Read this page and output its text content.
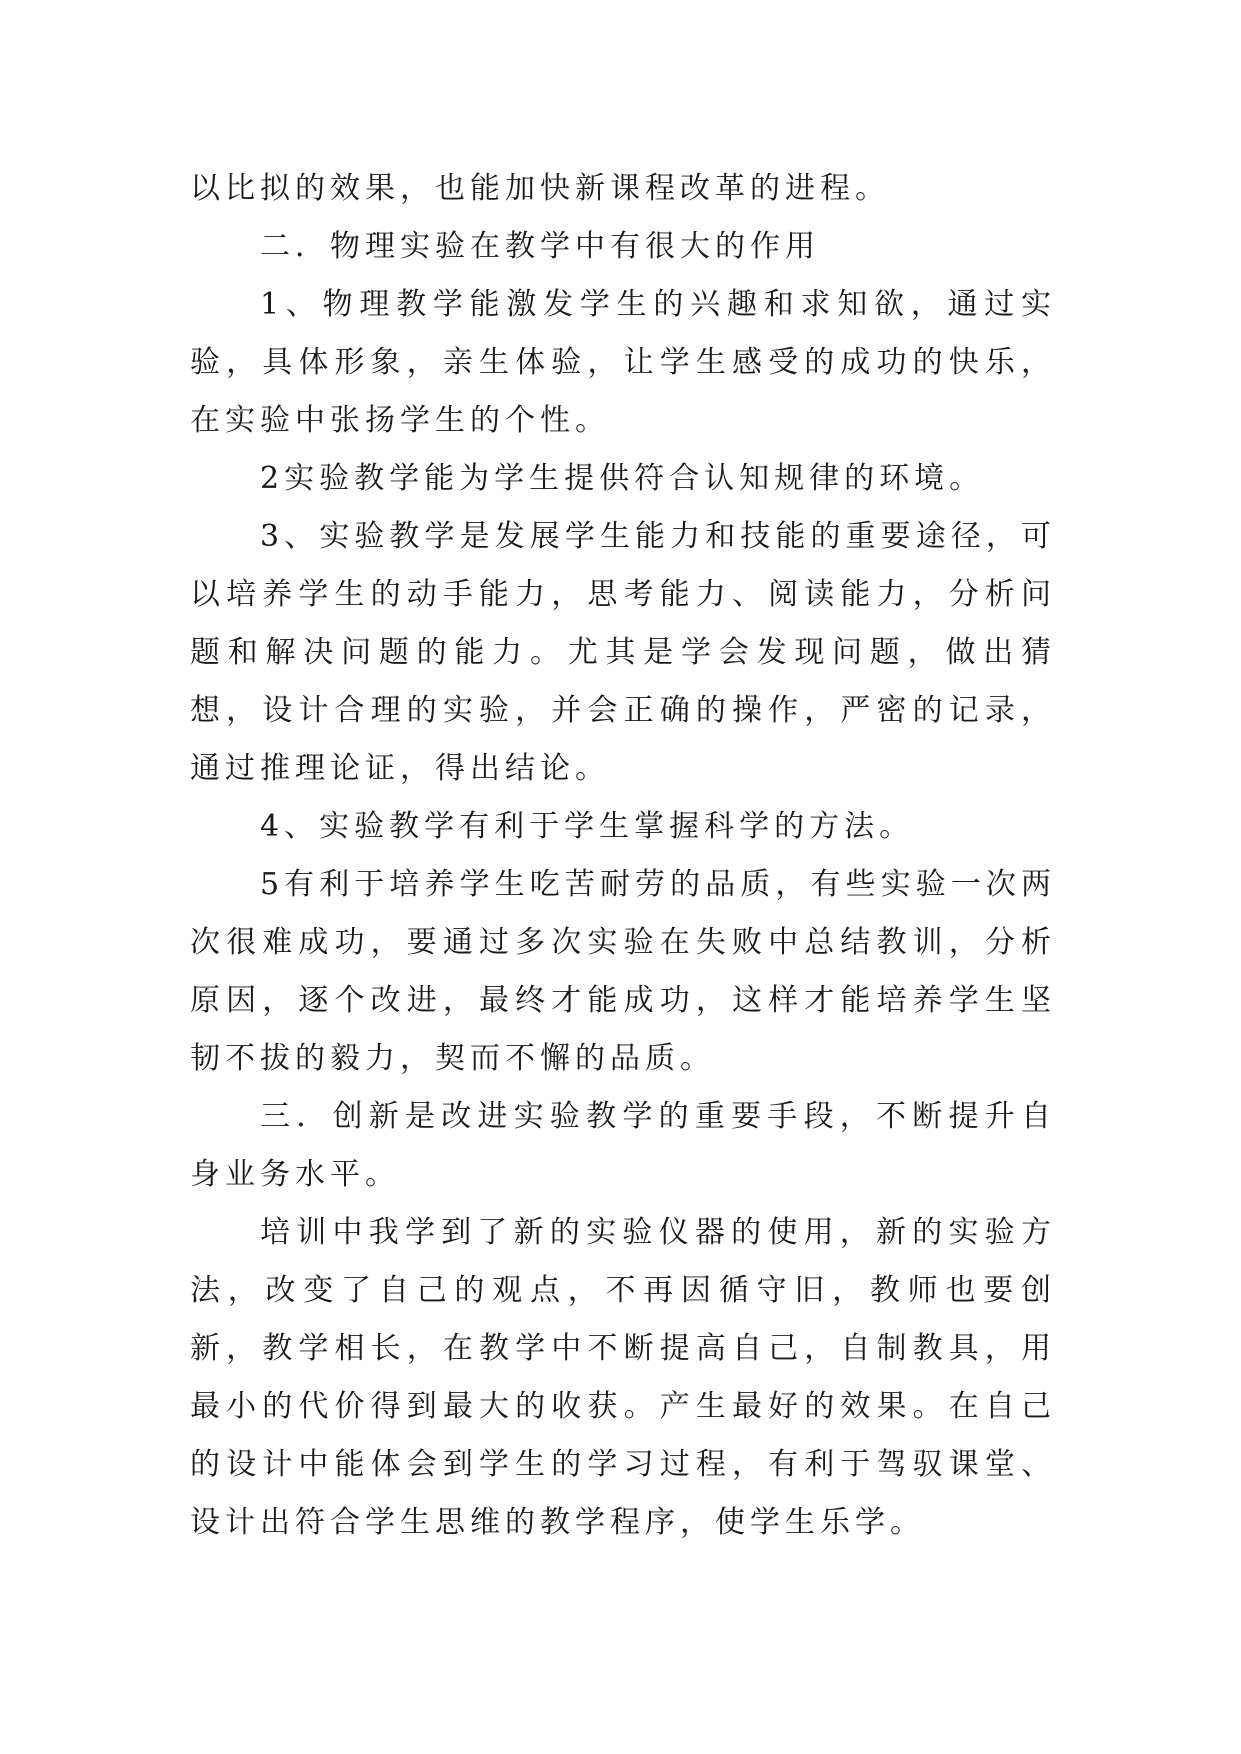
以比拟的效果，也能加快新课程改革的进程。

二．物理实验在教学中有很大的作用

1、物理教学能激发学生的兴趣和求知欲，通过实验，具体形象，亲生体验，让学生感受的成功的快乐，在实验中张扬学生的个性。

2实验教学能为学生提供符合认知规律的环境。

3、实验教学是发展学生能力和技能的重要途径，可以培养学生的动手能力，思考能力、阅读能力，分析问题和解决问题的能力。尤其是学会发现问题，做出猜想，设计合理的实验，并会正确的操作，严密的记录，通过推理论证，得出结论。

4、实验教学有利于学生掌握科学的方法。

5有利于培养学生吃苦耐劳的品质，有些实验一次两次很难成功，要通过多次实验在失败中总结教训，分析原因，逐个改进，最终才能成功，这样才能培养学生坚韧不拔的毅力，契而不懈的品质。

三．创新是改进实验教学的重要手段，不断提升自身业务水平。

培训中我学到了新的实验仪器的使用，新的实验方法，改变了自己的观点，不再因循守旧，教师也要创新，教学相长，在教学中不断提高自己，自制教具，用最小的代价得到最大的收获。产生最好的效果。在自己的设计中能体会到学生的学习过程，有利于驾驭课堂、设计出符合学生思维的教学程序，使学生乐学。
